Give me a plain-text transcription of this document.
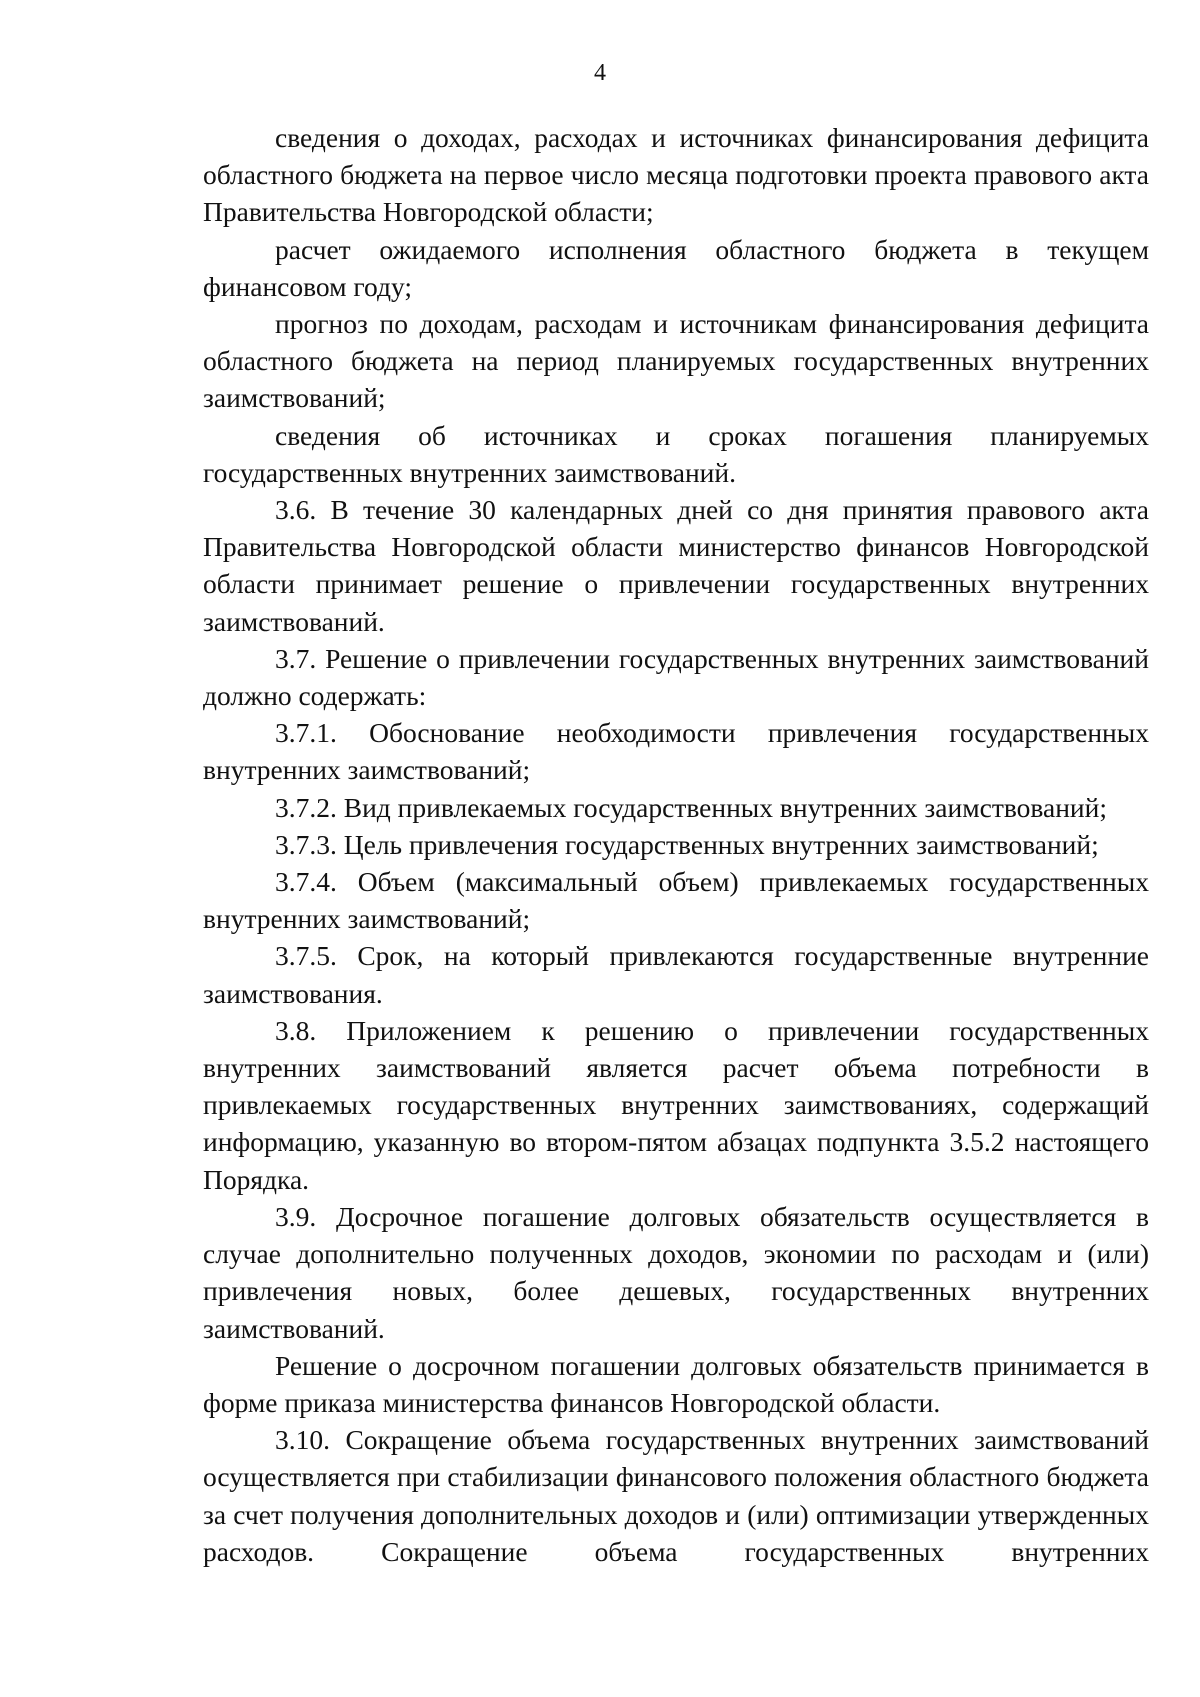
4

сведения о доходах, расходах и источниках финансирования дефицита областного бюджета на первое число месяца подготовки проекта правового акта Правительства Новгородской области;

расчет ожидаемого исполнения областного бюджета в текущем финансовом году;

прогноз по доходам, расходам и источникам финансирования дефицита областного бюджета на период планируемых государственных внутренних заимствований;

сведения об источниках и сроках погашения планируемых государственных внутренних заимствований.

3.6. В течение 30 календарных дней со дня принятия правового акта Правительства Новгородской области министерство финансов Новгородской области принимает решение о привлечении государственных внутренних заимствований.

3.7. Решение о привлечении государственных внутренних заимствований должно содержать:

3.7.1. Обоснование необходимости привлечения государственных внутренних заимствований;

3.7.2. Вид привлекаемых государственных внутренних заимствований;

3.7.3. Цель привлечения государственных внутренних заимствований;

3.7.4. Объем (максимальный объем) привлекаемых государственных внутренних заимствований;

3.7.5. Срок, на который привлекаются государственные внутренние заимствования.

3.8. Приложением к решению о привлечении государственных внутренних заимствований является расчет объема потребности в привлекаемых государственных внутренних заимствованиях, содержащий информацию, указанную во втором-пятом абзацах подпункта 3.5.2 настоящего Порядка.

3.9. Досрочное погашение долговых обязательств осуществляется в случае дополнительно полученных доходов, экономии по расходам и (или) привлечения новых, более дешевых, государственных внутренних заимствований.

Решение о досрочном погашении долговых обязательств принимается в форме приказа министерства финансов Новгородской области.

3.10. Сокращение объема государственных внутренних заимствований осуществляется при стабилизации финансового положения областного бюджета за счет получения дополнительных доходов и (или) оптимизации утвержденных расходов. Сокращение объема государственных внутренних
